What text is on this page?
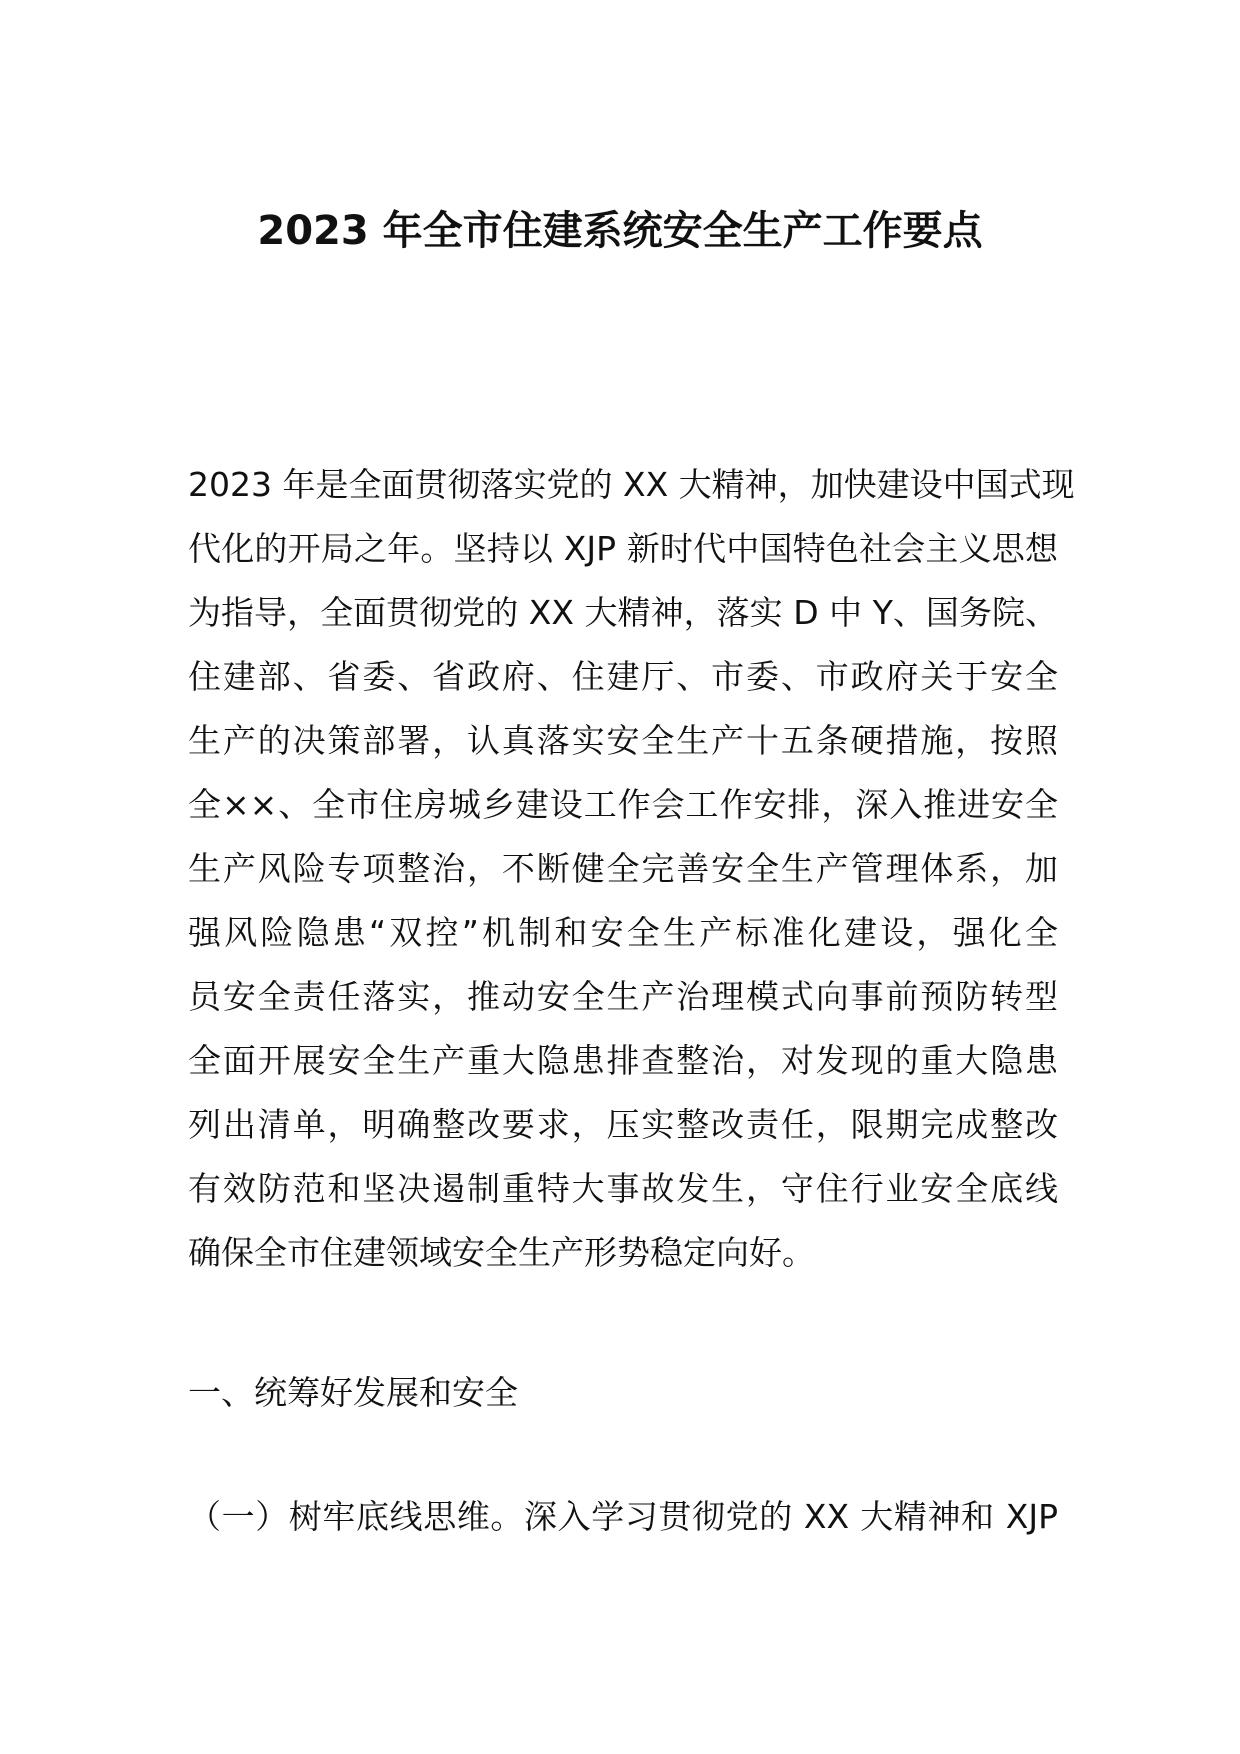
2023 年全市住建系统安全生产工作要点
2023 年是全面贯彻落实党的 XX 大精神，加快建设中国式现
代化的开局之年。坚持以 XJP 新时代中国特色社会主义思想
为指导，全面贯彻党的 XX 大精神，落实 D 中 Y、国务院、
住建部、省委、省政府、住建厅、市委、市政府关于安全
生产的决策部署，认真落实安全生产十五条硬措施，按照
全××、全市住房城乡建设工作会工作安排，深入推进安全
生产风险专项整治，不断健全完善安全生产管理体系，加
强风险隐患“双控”机制和安全生产标准化建设，强化全
员安全责任落实，推动安全生产治理模式向事前预防转型
全面开展安全生产重大隐患排查整治，对发现的重大隐患
列出清单，明确整改要求，压实整改责任，限期完成整改
有效防范和坚决遏制重特大事故发生，守住行业安全底线
确保全市住建领域安全生产形势稳定向好。
一、统筹好发展和安全
（一）树牢底线思维。深入学习贯彻党的 XX 大精神和 XJP
